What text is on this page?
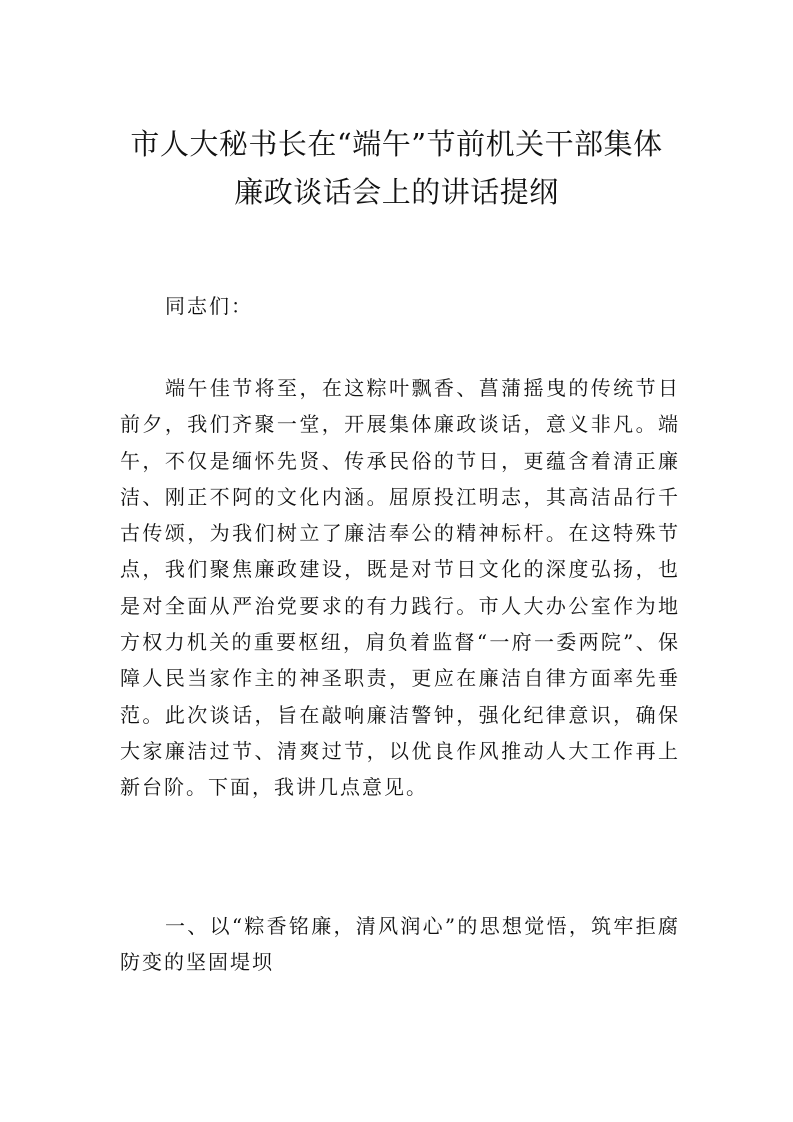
市人大秘书长在“端午”节前机关干部集体
廉政谈话会上的讲话提纲
同志们：
端午佳节将至，在这粽叶飘香、菖蒲摇曳的传统节日前夕，我们齐聚一堂，开展集体廉政谈话，意义非凡。端午，不仅是缅怀先贤、传承民俗的节日，更蕴含着清正廉洁、刚正不阿的文化内涵。屈原投江明志，其高洁品行千古传颂，为我们树立了廉洁奉公的精神标杆。在这特殊节点，我们聚焦廉政建设，既是对节日文化的深度弘扬，也是对全面从严治党要求的有力践行。市人大办公室作为地方权力机关的重要枢纽，肩负着监督“一府一委两院”、保障人民当家作主的神圣职责，更应在廉洁自律方面率先垂范。此次谈话，旨在敲响廉洁警钟，强化纪律意识，确保大家廉洁过节、清爽过节，以优良作风推动人大工作再上新台阶。下面，我讲几点意见。
一、以“粽香铭廉，清风润心”的思想觉悟，筑牢拒腐防变的坚固堤坝
